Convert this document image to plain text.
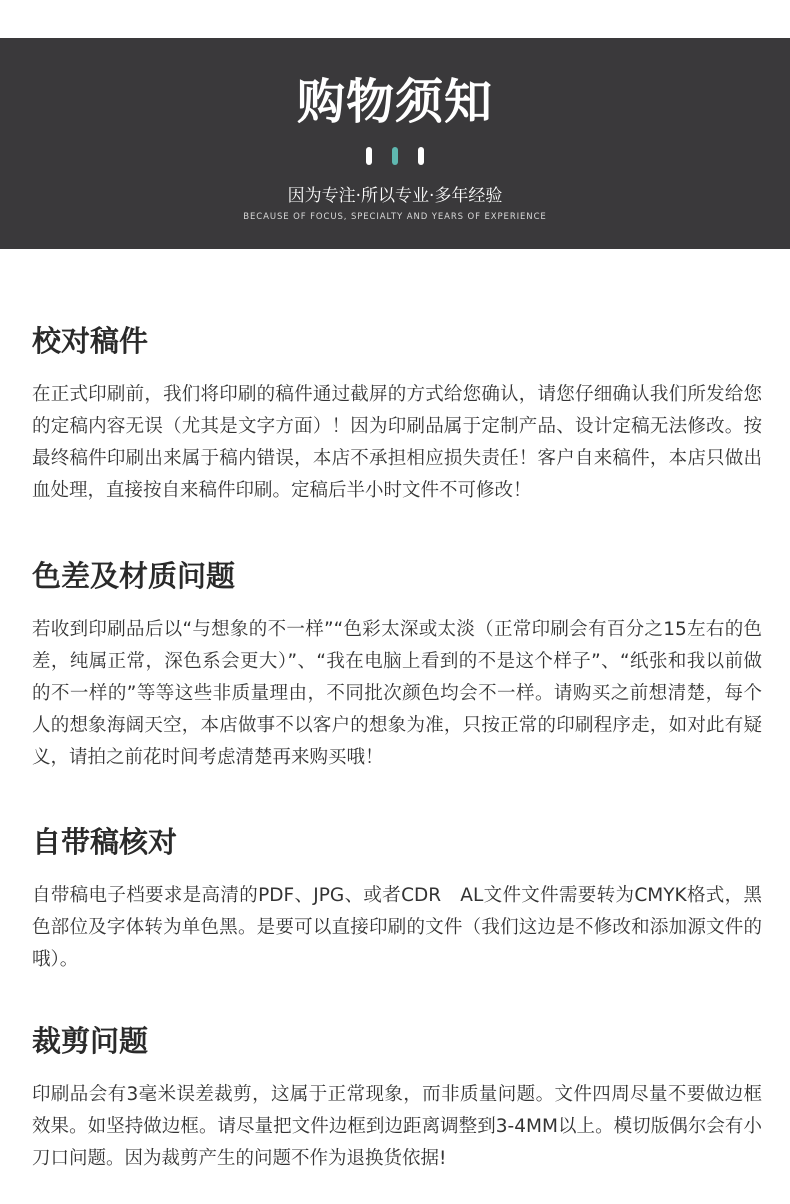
购物须知
因为专注·所以专业·多年经验
BECAUSE OF FOCUS, SPECIALTY AND YEARS OF EXPERIENCE
校对稿件

在正式印刷前，我们将印刷的稿件通过截屏的方式给您确认，请您仔细确认我们所发给您的定稿内容无误（尤其是文字方面）！因为印刷品属于定制产品、设计定稿无法修改。按最终稿件印刷出来属于稿内错误，本店不承担相应损失责任！客户自来稿件，本店只做出血处理，直接按自来稿件印刷。定稿后半小时文件不可修改！

色差及材质问题

若收到印刷品后以“与想象的不一样”“色彩太深或太淡（正常印刷会有百分之15左右的色差，纯属正常，深色系会更大）”、“我在电脑上看到的不是这个样子”、“纸张和我以前做的不一样的”等等这些非质量理由，不同批次颜色均会不一样。请购买之前想清楚，每个人的想象海阔天空，本店做事不以客户的想象为准，只按正常的印刷程序走，如对此有疑义，请拍之前花时间考虑清楚再来购买哦！

自带稿核对

自带稿电子档要求是高清的PDF、JPG、或者CDR　AL文件文件需要转为CMYK格式，黑色部位及字体转为单色黑。是要可以直接印刷的文件（我们这边是不修改和添加源文件的哦）。

裁剪问题

印刷品会有3毫米误差裁剪，这属于正常现象，而非质量问题。文件四周尽量不要做边框效果。如坚持做边框。请尽量把文件边框到边距离调整到3-4MM以上。模切版偶尔会有小刀口问题。因为裁剪产生的问题不作为退换货依据!
